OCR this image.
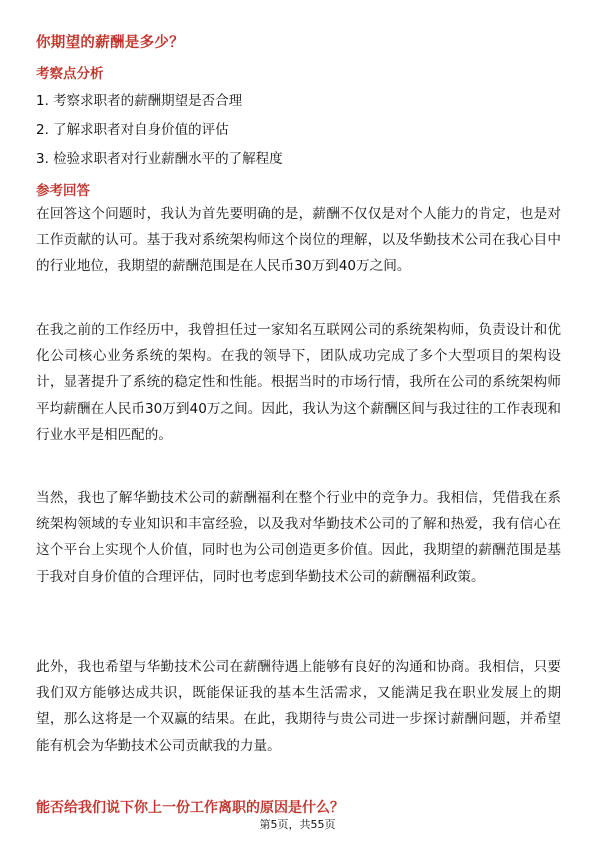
你期望的薪酬是多少？
考察点分析
1. 考察求职者的薪酬期望是否合理
2. 了解求职者对自身价值的评估
3. 检验求职者对行业薪酬水平的了解程度
参考回答

在回答这个问题时，我认为首先要明确的是，薪酬不仅仅是对个人能力的肯定，也是对工作贡献的认可。基于我对系统架构师这个岗位的理解，以及华勤技术公司在我心目中的行业地位，我期望的薪酬范围是在人民币30万到40万之间。

在我之前的工作经历中，我曾担任过一家知名互联网公司的系统架构师，负责设计和优化公司核心业务系统的架构。在我的领导下，团队成功完成了多个大型项目的架构设计，显著提升了系统的稳定性和性能。根据当时的市场行情，我所在公司的系统架构师平均薪酬在人民币30万到40万之间。因此，我认为这个薪酬区间与我过往的工作表现和行业水平是相匹配的。

当然，我也了解华勤技术公司的薪酬福利在整个行业中的竞争力。我相信，凭借我在系统架构领域的专业知识和丰富经验，以及我对华勤技术公司的了解和热爱，我有信心在这个平台上实现个人价值，同时也为公司创造更多价值。因此，我期望的薪酬范围是基于我对自身价值的合理评估，同时也考虑到华勤技术公司的薪酬福利政策。

此外，我也希望与华勤技术公司在薪酬待遇上能够有良好的沟通和协商。我相信，只要我们双方能够达成共识，既能保证我的基本生活需求，又能满足我在职业发展上的期望，那么这将是一个双赢的结果。在此，我期待与贵公司进一步探讨薪酬问题，并希望能有机会为华勤技术公司贡献我的力量。

能否给我们说下你上一份工作离职的原因是什么？
第5页，共55页
